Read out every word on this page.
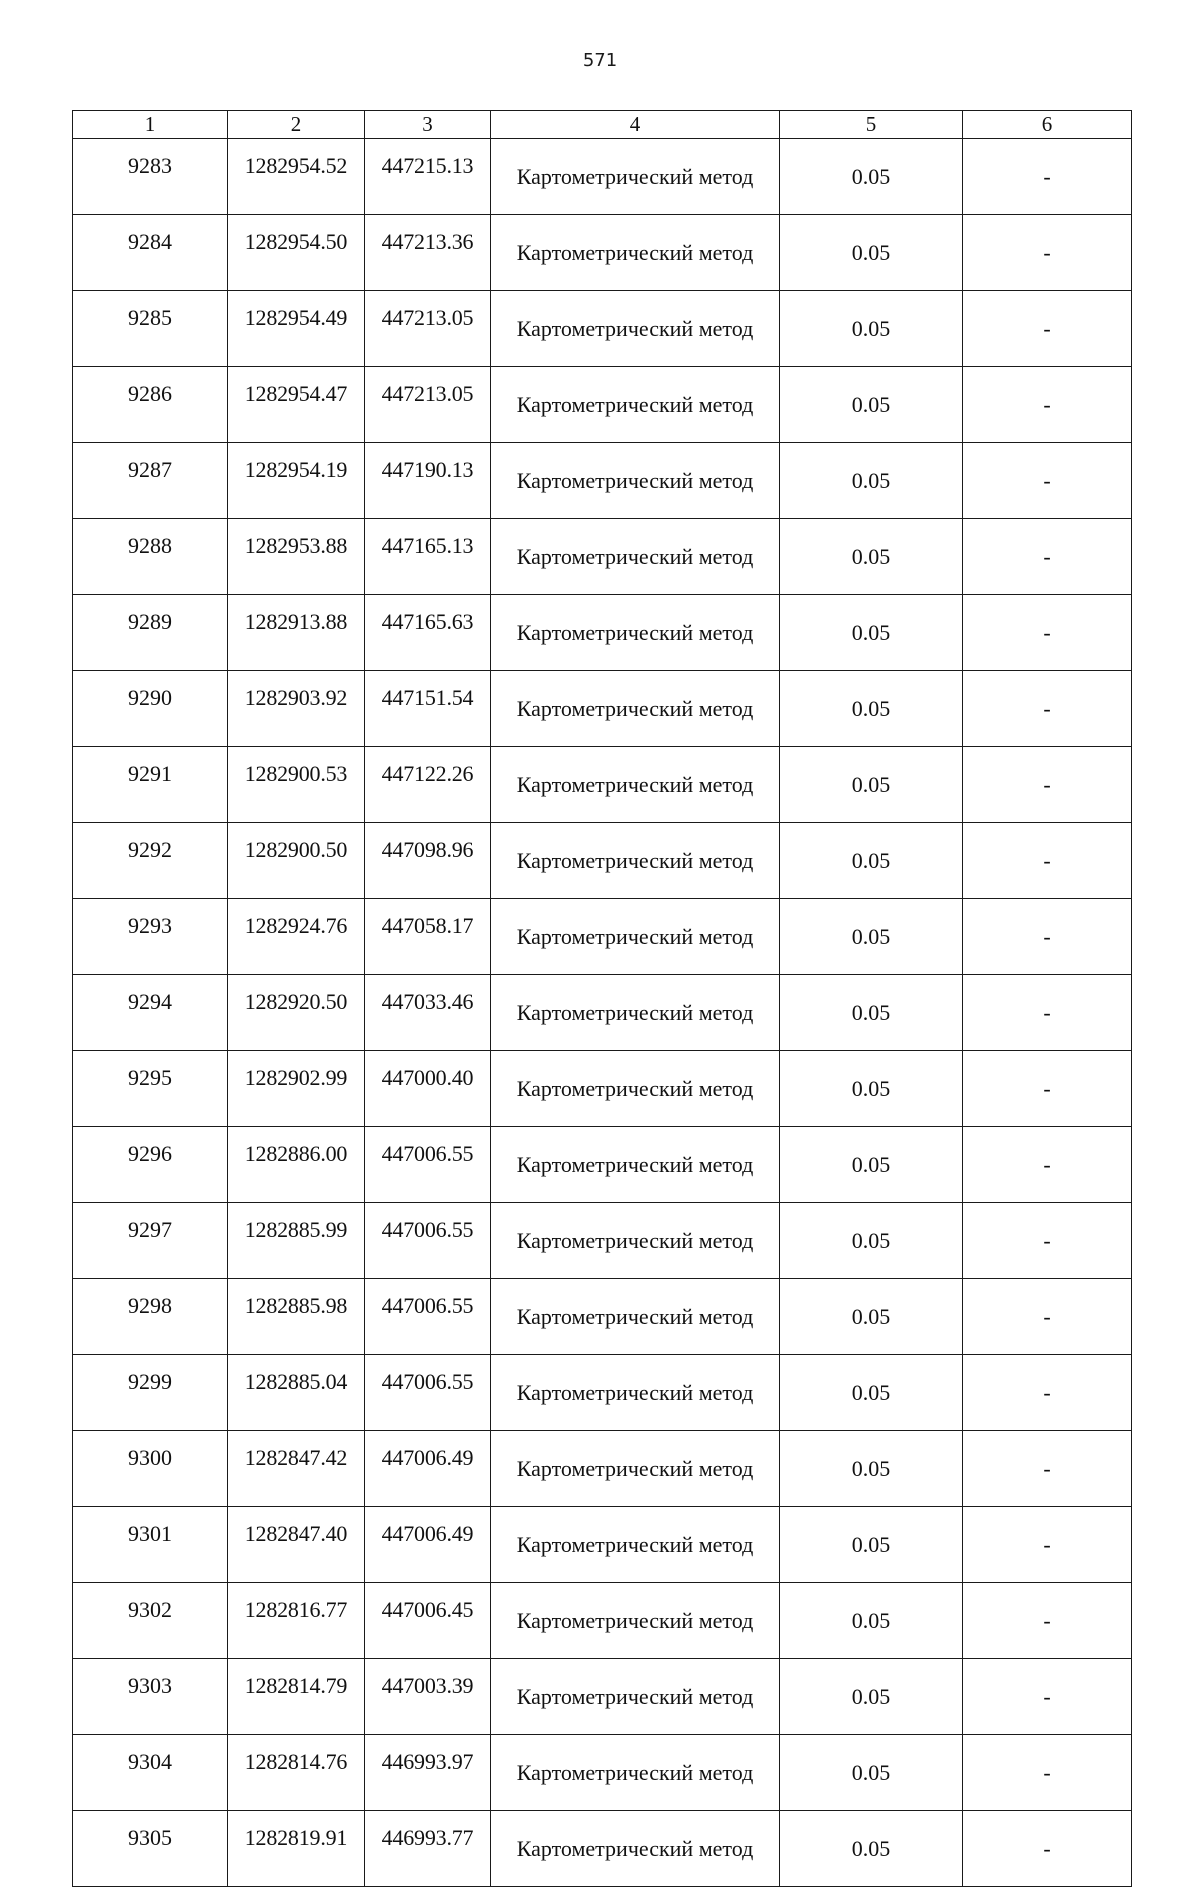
571
1	2	3	4	5	6
9283	1282954.52	447215.13	Картометрический метод	0.05	-
9284	1282954.50	447213.36	Картометрический метод	0.05	-
9285	1282954.49	447213.05	Картометрический метод	0.05	-
9286	1282954.47	447213.05	Картометрический метод	0.05	-
9287	1282954.19	447190.13	Картометрический метод	0.05	-
9288	1282953.88	447165.13	Картометрический метод	0.05	-
9289	1282913.88	447165.63	Картометрический метод	0.05	-
9290	1282903.92	447151.54	Картометрический метод	0.05	-
9291	1282900.53	447122.26	Картометрический метод	0.05	-
9292	1282900.50	447098.96	Картометрический метод	0.05	-
9293	1282924.76	447058.17	Картометрический метод	0.05	-
9294	1282920.50	447033.46	Картометрический метод	0.05	-
9295	1282902.99	447000.40	Картометрический метод	0.05	-
9296	1282886.00	447006.55	Картометрический метод	0.05	-
9297	1282885.99	447006.55	Картометрический метод	0.05	-
9298	1282885.98	447006.55	Картометрический метод	0.05	-
9299	1282885.04	447006.55	Картометрический метод	0.05	-
9300	1282847.42	447006.49	Картометрический метод	0.05	-
9301	1282847.40	447006.49	Картометрический метод	0.05	-
9302	1282816.77	447006.45	Картометрический метод	0.05	-
9303	1282814.79	447003.39	Картометрический метод	0.05	-
9304	1282814.76	446993.97	Картометрический метод	0.05	-
9305	1282819.91	446993.77	Картометрический метод	0.05	-
